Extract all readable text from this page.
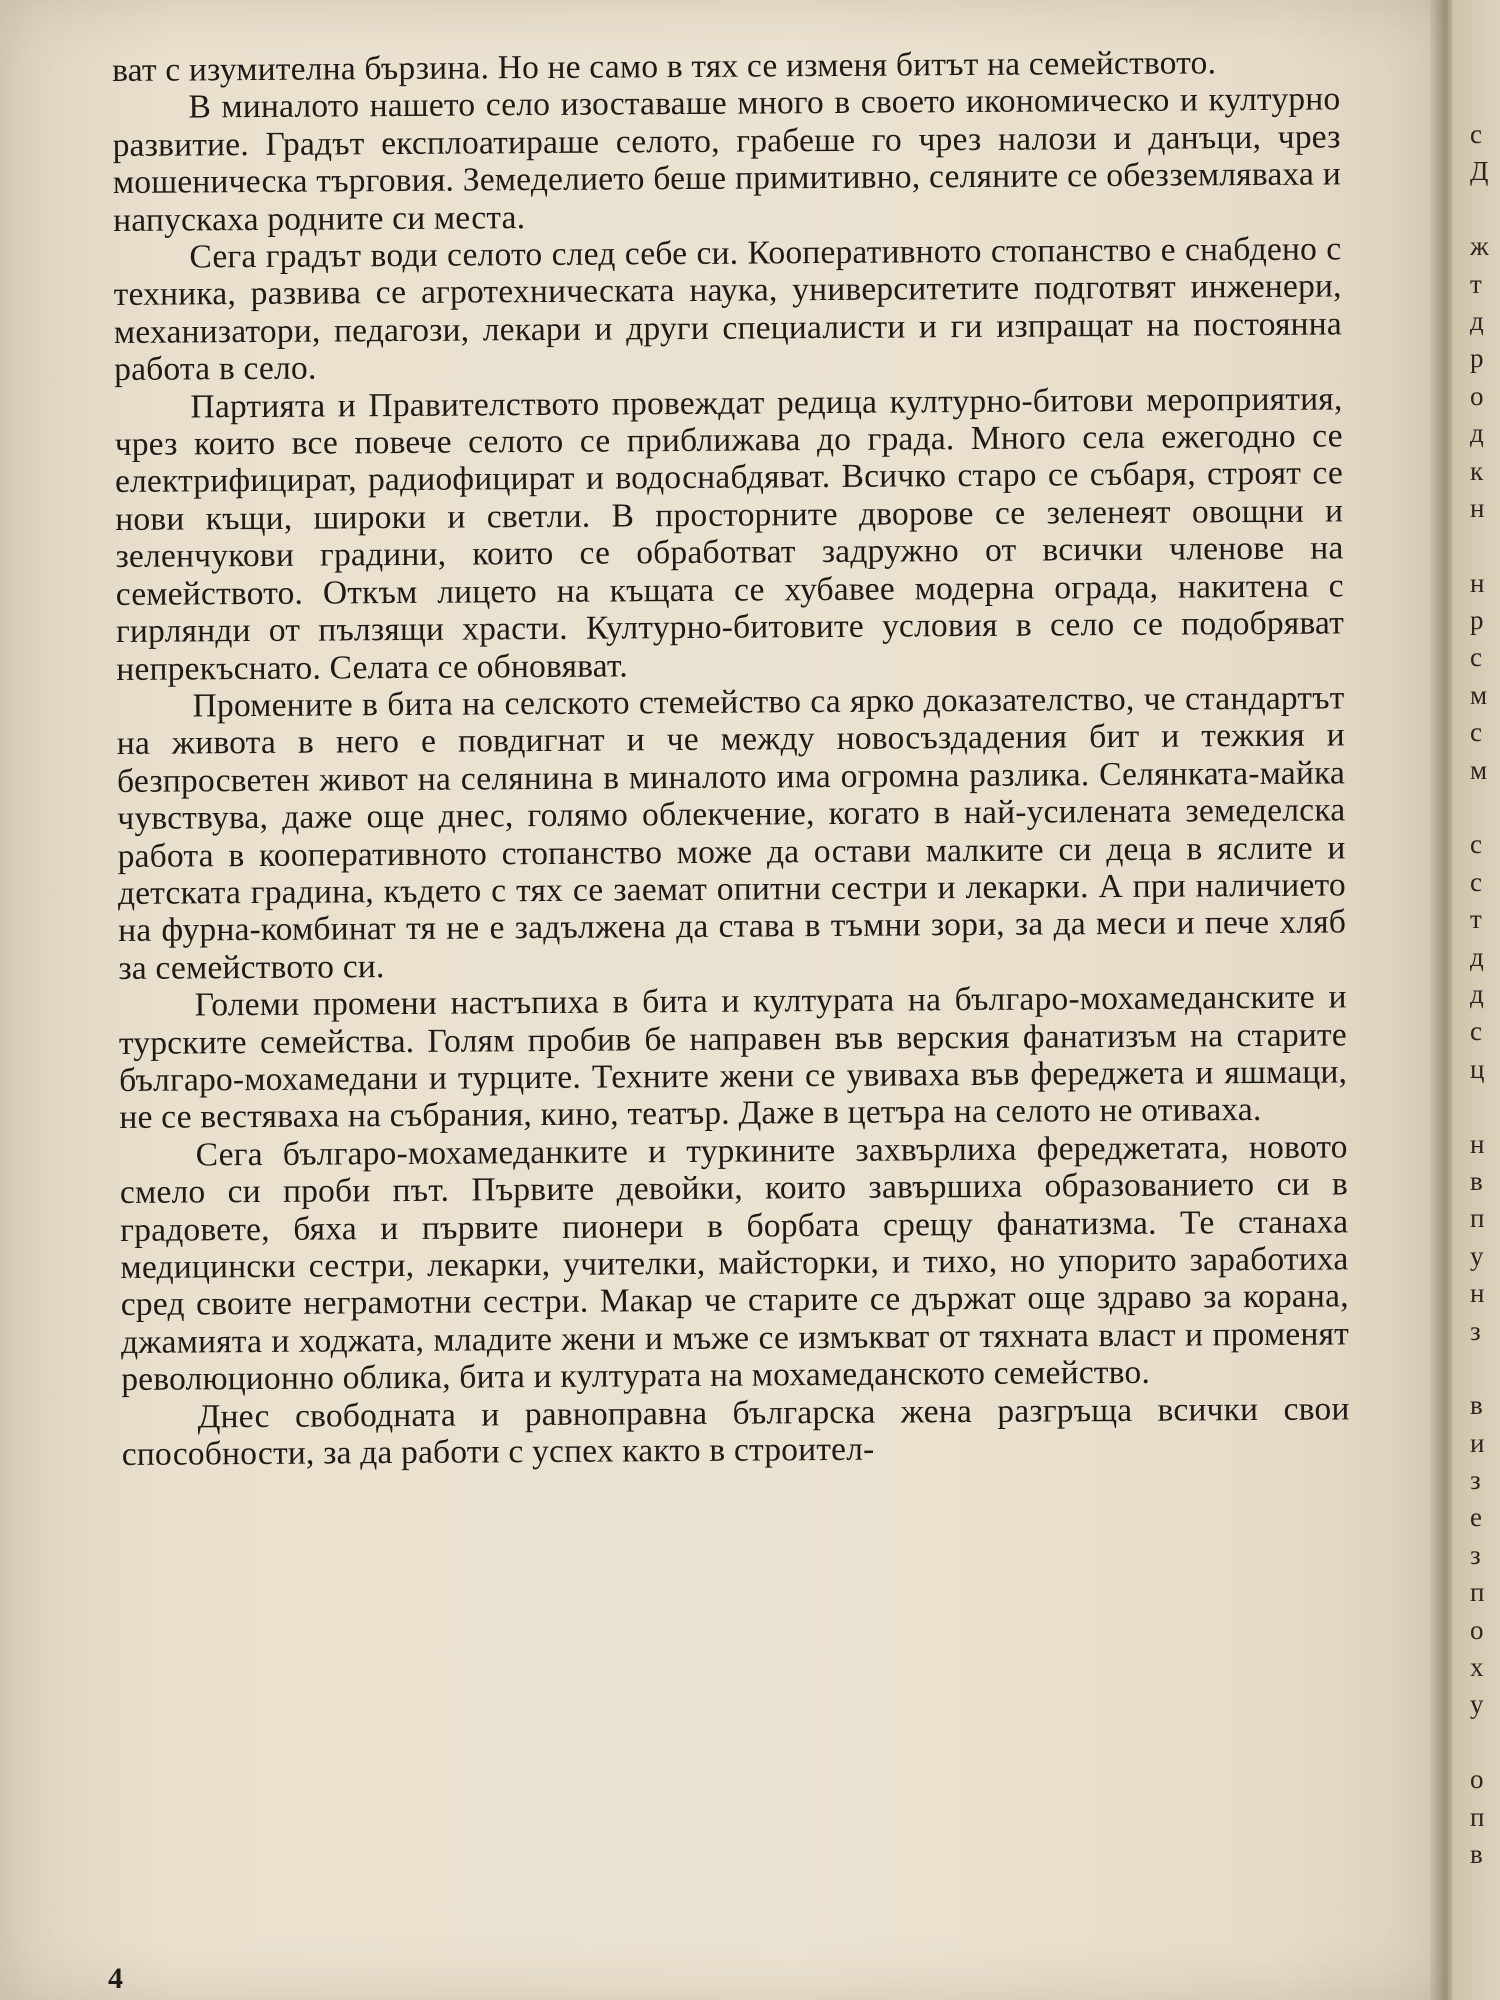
ват с изумителна бързина. Но не само в тях се изменя битът на семейството.

В миналото нашето село изоставаше много в своето икономическо и културно развитие. Градът експлоатираше селото, грабеше го чрез налози и данъци, чрез мошеническа търговия. Земеделието беше примитивно, селяните се обезземляваха и напускаха родните си места.

Сега градът води селото след себе си. Кооперативното стопанство е снабдено с техника, развива се агротехническата наука, университетите подготвят инженери, механизатори, педагози, лекари и други специалисти и ги изпращат на постоянна работа в село.

Партията и Правителството провеждат редица културно-битови мероприятия, чрез които все повече селото се приближава до града. Много села ежегодно се електрифицират, радиофицират и водоснабдяват. Всичко старо се събаря, строят се нови къщи, широки и светли. В просторните дворове се зеленеят овощни и зеленчукови градини, които се обработват задружно от всички членове на семейството. Откъм лицето на къщата се хубавее модерна ограда, накитена с гирлянди от пълзящи храсти. Културно-битовите условия в село се подобряват непрекъснато. Селата се обновяват.

Промените в бита на селското стемейство са ярко доказателство, че стандартът на живота в него е повдигнат и че между новосъздадения бит и тежкия и безпросветен живот на селянина в миналото има огромна разлика. Селянката-майка чувствува, даже още днес, голямо облекчение, когато в най-усилената земеделска работа в кооперативното стопанство може да остави малките си деца в яслите и детската градина, където с тях се заемат опитни сестри и лекарки. А при наличието на фурна-комбинат тя не е задължена да става в тъмни зори, за да меси и пече хляб за семейството си.

Големи промени настъпиха в бита и културата на българо-мохамеданските и турските семейства. Голям пробив бе направен във верския фанатизъм на старите българо-мохамедани и турците. Техните жени се увиваха във фереджета и яшмаци, не се вестяваха на събрания, кино, театър. Даже в цетъра на селото не отиваха.

Сега българо-мохамеданките и туркините захвърлиха фереджетата, новото смело си проби път. Първите девойки, които завършиха образованието си в градовете, бяха и първите пионери в борбата срещу фанатизма. Те станаха медицински сестри, лекарки, учителки, майсторки, и тихо, но упорито заработиха сред своите неграмотни сестри. Макар че старите се държат още здраво за корана, джамията и ходжата, младите жени и мъже се измъкват от тяхната власт и променят революционно облика, бита и културата на мохамеданското семейство.

Днес свободната и равноправна българска жена разгръща всички свои способности, за да работи с успех както в строител-

4
с
Д
ж
т
д
р
о
д
к
н
н
р
с
м
с
м
с
с
т
д
д
с
ц
н
в
п
у
н
з
в
и
з
е
з
п
о
х
у
о
п
в
